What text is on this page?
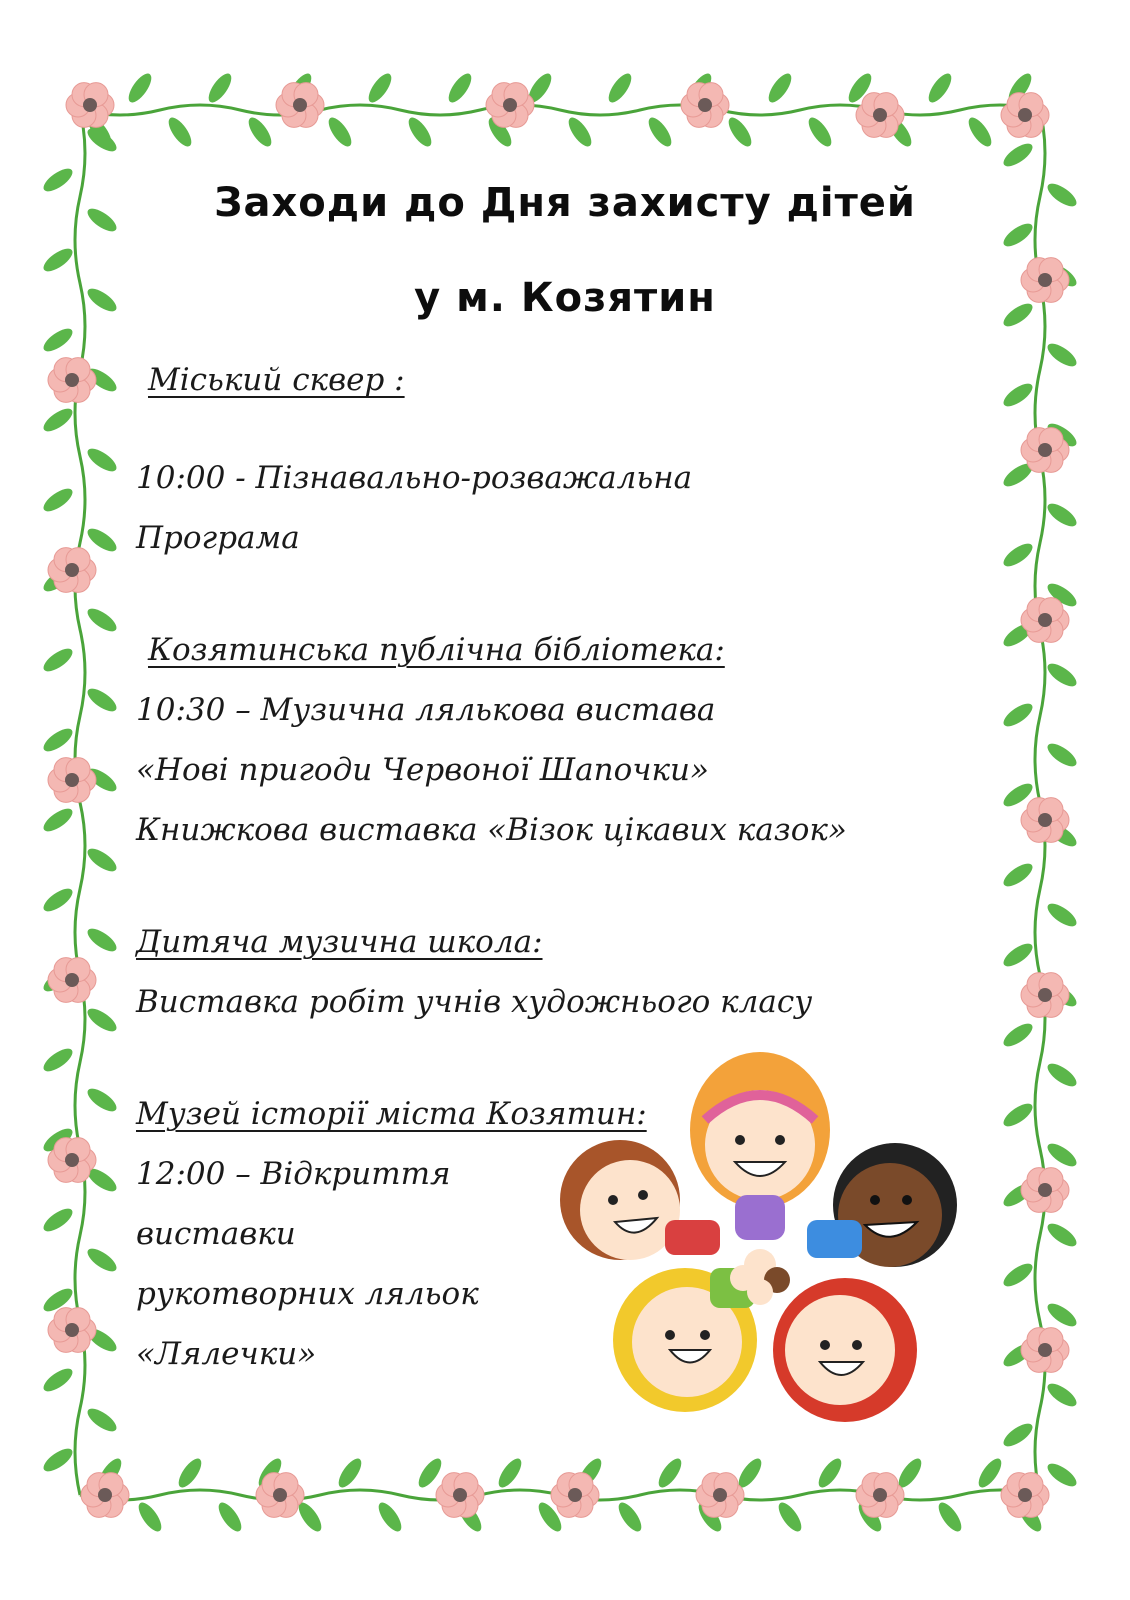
Заходи до Дня захисту дітей
у м. Козятин

Міський сквер :

10:00 - Пізнавально-розважальна

Програма

Козятинська публічна бібліотека:

10:30 – Музична лялькова вистава

«Нові пригоди Червоної Шапочки»

Книжкова виставка «Візок цікавих казок»

Дитяча музична школа:

Виставка робіт учнів художнього класу

Музей історії міста Козятин:

12:00 – Відкриття

виставки

рукотворних ляльок

«Лялечки»
